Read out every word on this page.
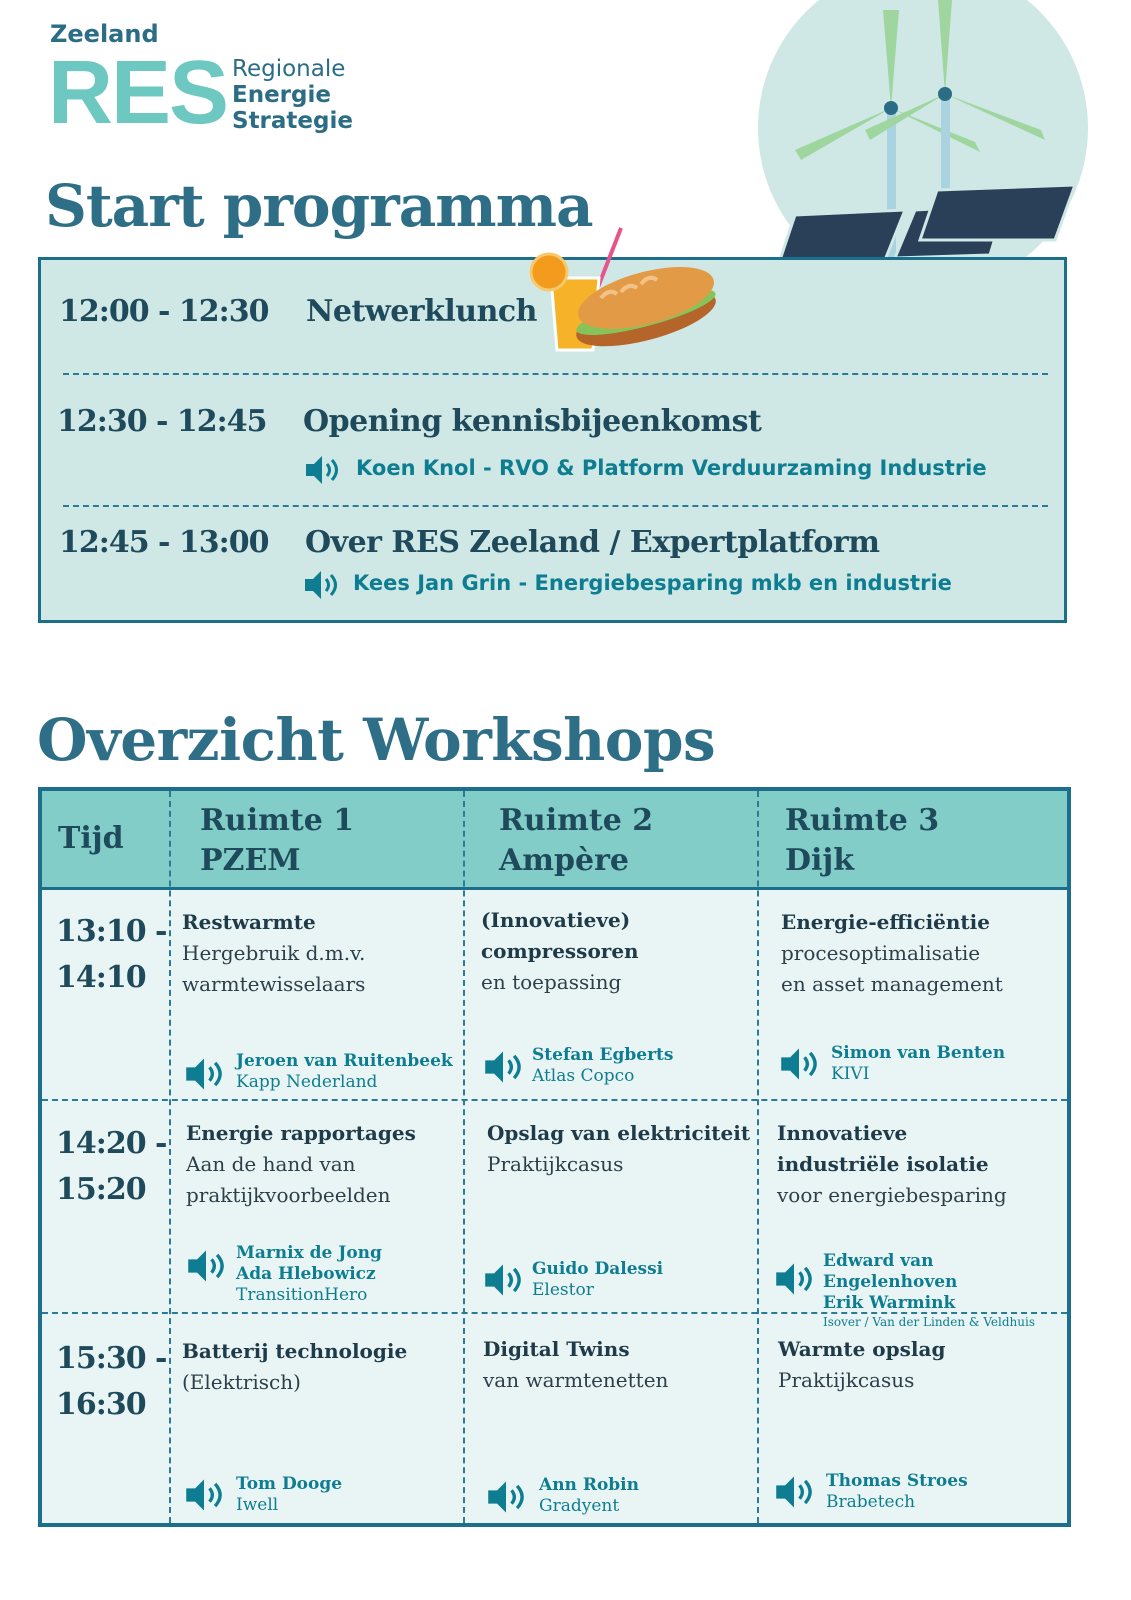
Zeeland
RES Regionale
Energie
Strategie
Start programma
12:00 - 12:30 Netwerklunch
12:30 - 12:45 Opening kennisbijeenkomst
Koen Knol - RVO & Platform Verduurzaming Industrie
12:45 - 13:00 Over RES Zeeland / Expertplatform
Kees Jan Grin - Energiebesparing mkb en industrie
Overzicht Workshops
Tijd
Ruimte 1
PZEM
Ruimte 2
Ampère
Ruimte 3
Dijk
13:10 -
14:10
Restwarmte
Hergebruik d.m.v.
warmtewisselaars
Jeroen van Ruitenbeek
Kapp Nederland
(Innovatieve)
compressoren
en toepassing
Stefan Egberts
Atlas Copco
Energie-efficiëntie
procesoptimalisatie
en asset management
Simon van Benten
KIVI
14:20 -
15:20
Energie rapportages
Aan de hand van
praktijkvoorbeelden
Marnix de Jong
Ada Hlebowicz
TransitionHero
Opslag van elektriciteit
Praktijkcasus
Guido Dalessi
Elestor
Innovatieve
industriële isolatie
voor energiebesparing
Edward van Engelenhoven
Erik Warmink
Isover / Van der Linden & Veldhuis
15:30 -
16:30
Batterij technologie
(Elektrisch)
Tom Dooge
Iwell
Digital Twins
van warmtenetten
Ann Robin
Gradyent
Warmte opslag
Praktijkcasus
Thomas Stroes
Brabetech
